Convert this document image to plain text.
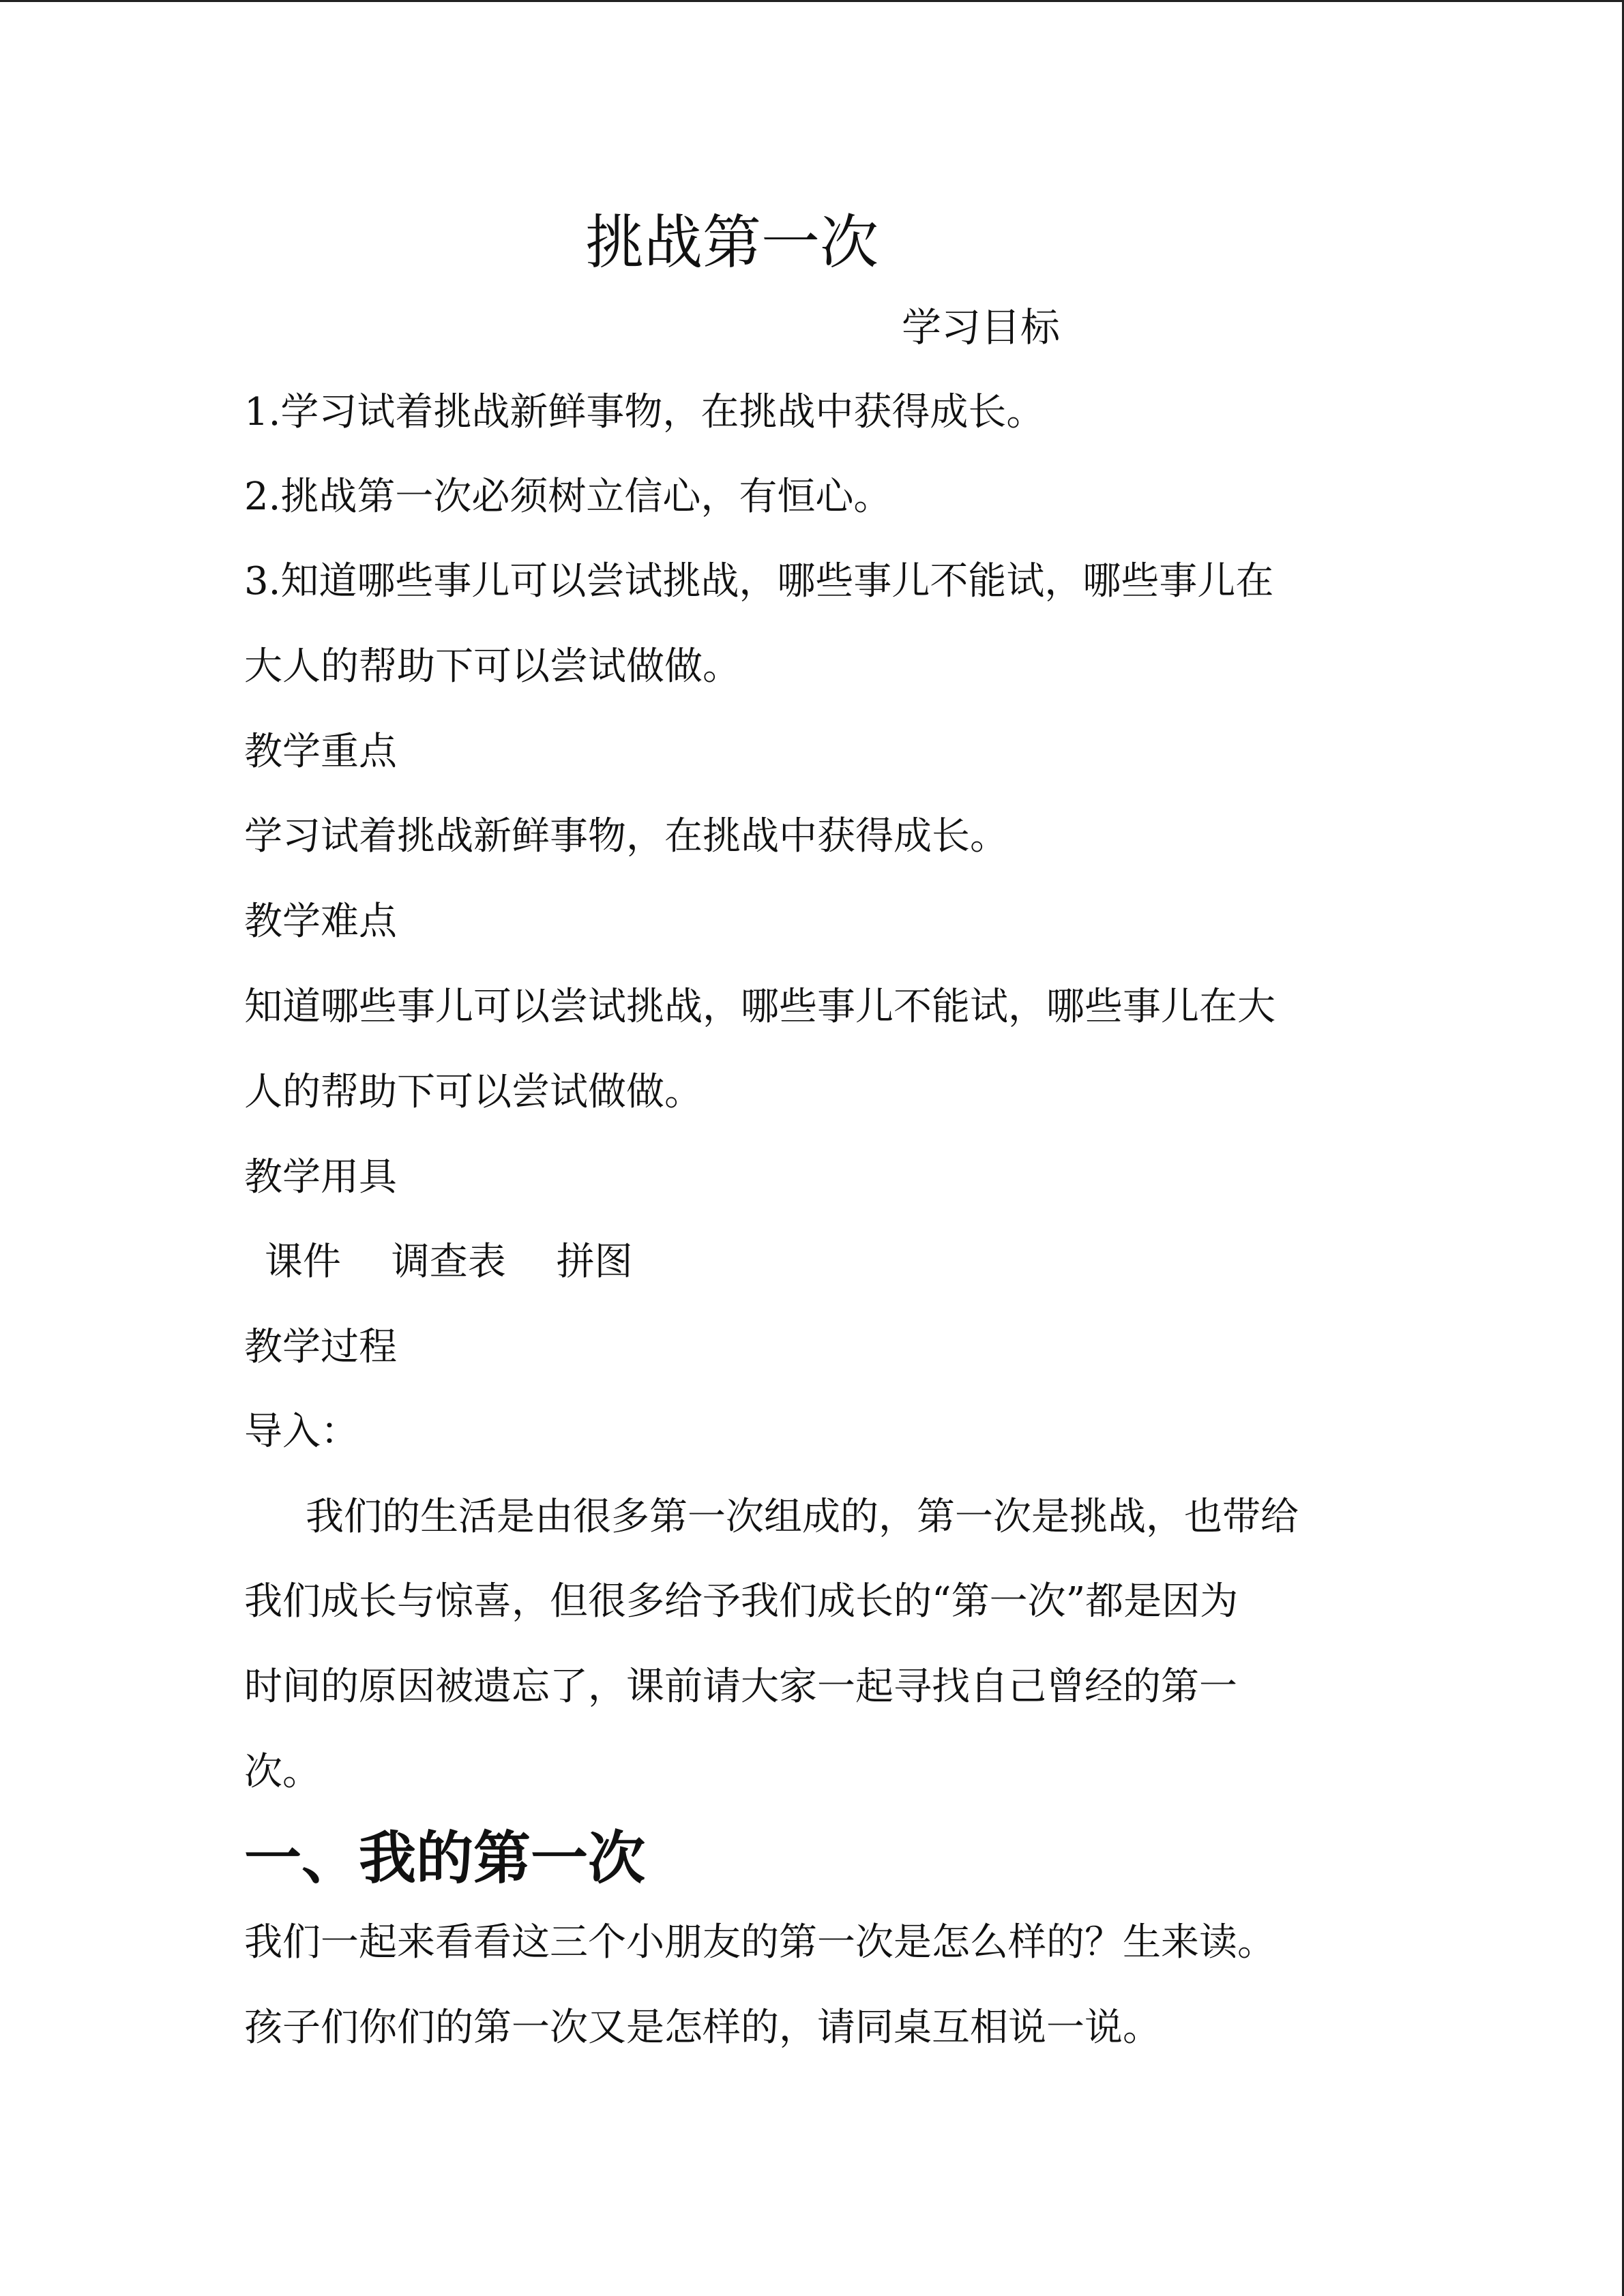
挑战第一次
学习目标
1.学习试着挑战新鲜事物，在挑战中获得成长。
2.挑战第一次必须树立信心，有恒心。
3.知道哪些事儿可以尝试挑战，哪些事儿不能试，哪些事儿在
大人的帮助下可以尝试做做。
教学重点
学习试着挑战新鲜事物，在挑战中获得成长。
教学难点
知道哪些事儿可以尝试挑战，哪些事儿不能试，哪些事儿在大
人的帮助下可以尝试做做。
教学用具
课件　 调查表　 拼图
教学过程
导入：
我们的生活是由很多第一次组成的，第一次是挑战，也带给
我们成长与惊喜，但很多给予我们成长的“第一次”都是因为
时间的原因被遗忘了，课前请大家一起寻找自己曾经的第一
次。
一、我的第一次
我们一起来看看这三个小朋友的第一次是怎么样的？生来读。
孩子们你们的第一次又是怎样的，请同桌互相说一说。
